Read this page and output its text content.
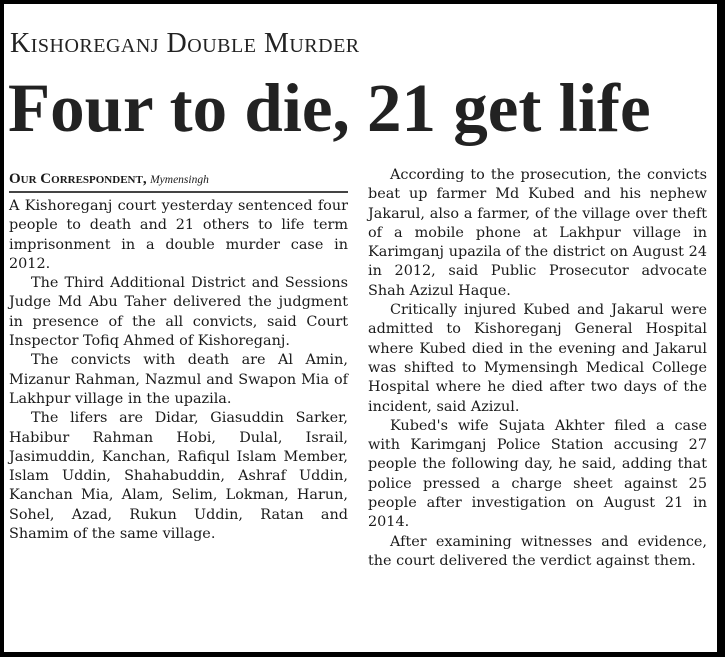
Kishoreganj Double Murder
Four to die, 21 get life
Our Correspondent, Mymensingh

A Kishoreganj court yesterday sentenced four people to death and 21 others to life term imprisonment in a double murder case in 2012.

The Third Additional District and Sessions Judge Md Abu Taher delivered the judgment in presence of the all convicts, said Court Inspector Tofiq Ahmed of Kishoreganj.

The convicts with death are Al Amin, Mizanur Rahman, Nazmul and Swapon Mia of Lakhpur village in the upazila.

The lifers are Didar, Giasuddin Sarker, Habibur Rahman Hobi, Dulal, Israil, Jasimuddin, Kanchan, Rafiqul Islam Member, Islam Uddin, Shahabuddin, Ashraf Uddin, Kanchan Mia, Alam, Selim, Lokman, Harun, Sohel, Azad, Rukun Uddin, Ratan and Shamim of the same village.

According to the prosecution, the convicts beat up farmer Md Kubed and his nephew Jakarul, also a farmer, of the village over theft of a mobile phone at Lakhpur village in Karimganj upazila of the district on August 24 in 2012, said Public Prosecutor advocate Shah Azizul Haque.

Critically injured Kubed and Jakarul were admitted to Kishoreganj General Hospital where Kubed died in the evening and Jakarul was shifted to Mymensingh Medical College Hospital where he died after two days of the incident, said Azizul.

Kubed's wife Sujata Akhter filed a case with Karimganj Police Station accusing 27 people the following day, he said, adding that police pressed a charge sheet against 25 people after investigation on August 21 in 2014.

After examining witnesses and evidence, the court delivered the verdict against them.
